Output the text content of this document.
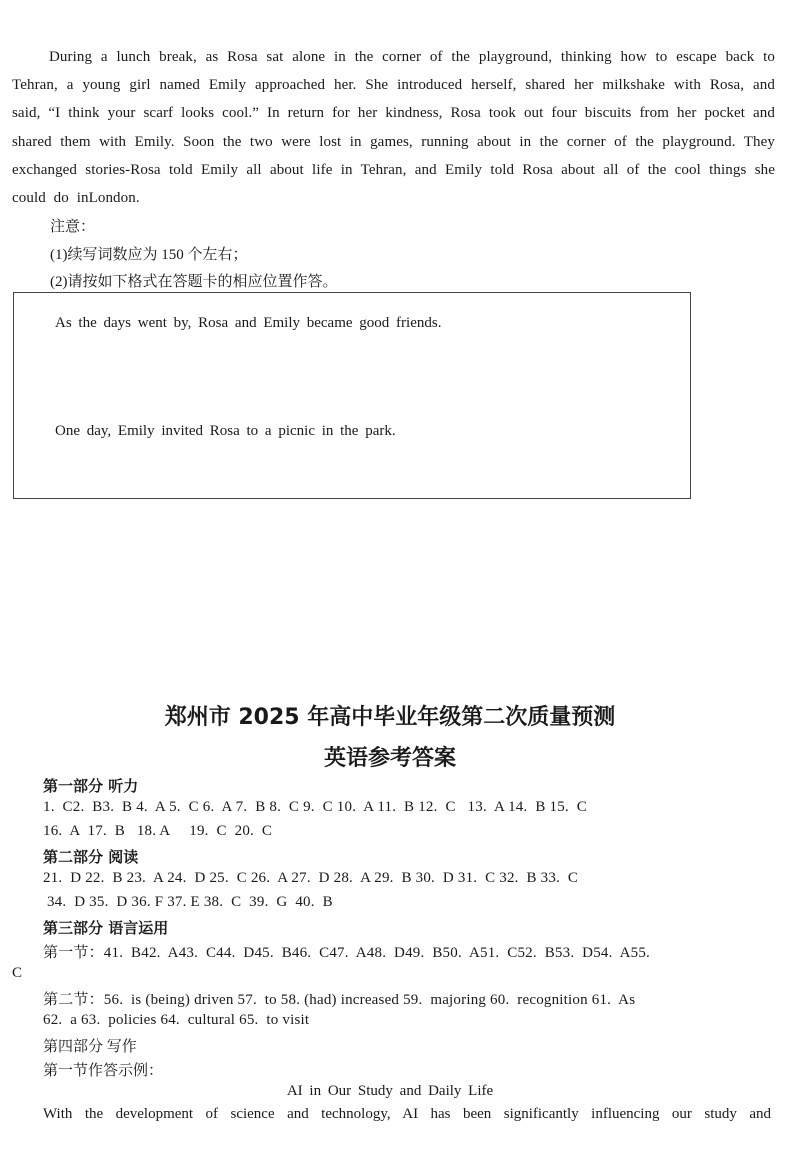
During a lunch break, as Rosa sat alone in the corner of the playground, thinking how to escape back to Tehran, a young girl named Emily approached her. She introduced herself, shared her milkshake with Rosa, and said, “I think your scarf looks cool.” In return for her kindness, Rosa took out four biscuits from her pocket and shared them with Emily. Soon the two were lost in games, running about in the corner of the playground. They exchanged stories-Rosa told Emily all about life in Tehran, and Emily told Rosa about all of the cool things she could do inLondon.
注意：
(1)续写词数应为 150 个左右；
(2)请按如下格式在答题卡的相应位置作答。
As the days went by, Rosa and Emily became good friends.
One day, Emily invited Rosa to a picnic in the park.
郑州市 2025 年高中毕业年级第二次质量预测
英语参考答案
第一部分 听力
1.  C2.  B3.  B 4.  A 5.  C 6.  A 7.  B 8.  C 9.  C 10.  A 11.  B 12.  C   13.  A 14.  B 15.  C
16.  A  17.  B   18. A     19.  C  20.  C
第二部分 阅读
21.  D 22.  B 23.  A 24.  D 25.  C 26.  A 27.  D 28.  A 29.  B 30.  D 31.  C 32.  B 33.  C
34.  D 35.  D 36. F 37. E 38.  C  39.  G  40.  B
第三部分 语言运用
第一节：41.  B42.  A43.  C44.  D45.  B46.  C47.  A48.  D49.  B50.  A51.  C52.  B53.  D54.  A55.
C
第二节：56.  is (being) driven 57.  to 58. (had) increased 59.  majoring 60.  recognition 61.  As
62.  a 63.  policies 64.  cultural 65.  to visit
第四部分 写作
第一节作答示例：
AI in Our Study and Daily Life
With the development of science and technology, AI has been significantly influencing our study and
